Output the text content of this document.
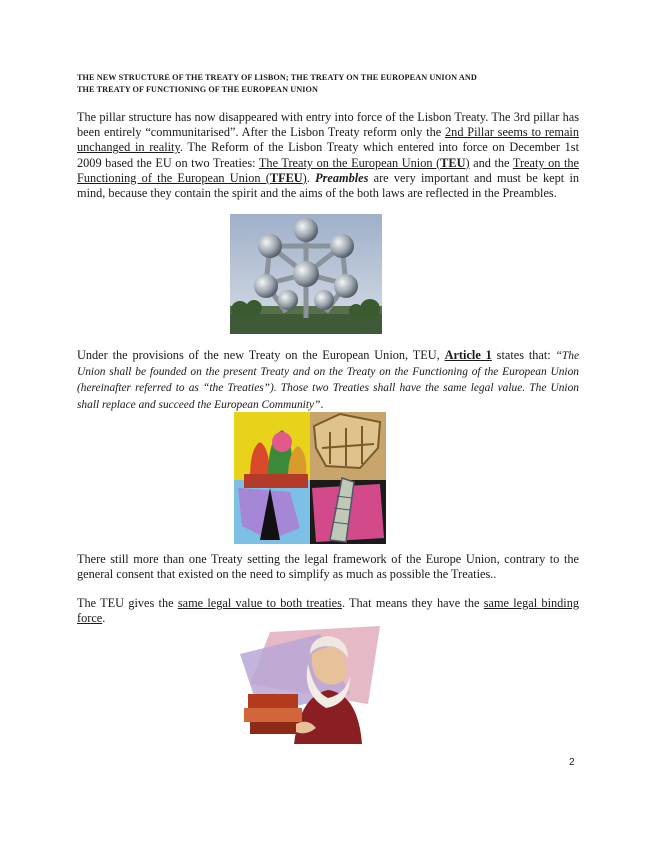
THE NEW STRUCTURE OF THE TREATY OF LISBON; THE TREATY ON THE EUROPEAN UNION AND
THE TREATY OF FUNCTIONING OF THE EUROPEAN UNION
The pillar structure has now disappeared with entry into force of the Lisbon Treaty. The 3rd pillar has been entirely “communitarised”. After the Lisbon Treaty reform only the 2nd Pillar seems to remain unchanged in reality. The Reform of the Lisbon Treaty which entered into force on December 1st 2009 based the EU on two Treaties: The Treaty on the European Union (TEU) and the Treaty on the Functioning of the European Union (TFEU). Preambles are very important and must be kept in mind, because they contain the spirit and the aims of the both laws are reflected in the Preambles.
Under the provisions of the new Treaty on the European Union, TEU, Article 1 states that: “The Union shall be founded on the present Treaty and on the Treaty on the Functioning of the European Union (hereinafter referred to as “the Treaties”). Those two Treaties shall have the same legal value. The Union shall replace and succeed the European Community”.
There still more than one Treaty setting the legal framework of the Europe Union, contrary to the general consent that existed on the need to simplify as much as possible the Treaties..
The TEU gives the same legal value to both treaties. That means they have the same legal binding force.
2
